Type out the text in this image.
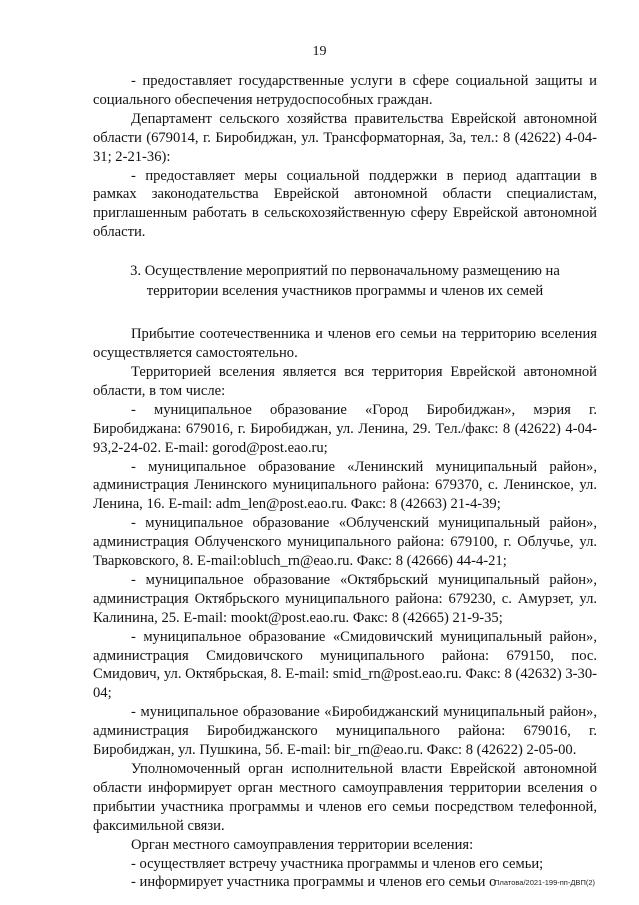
19

- предоставляет государственные услуги в сфере социальной защиты и социального обеспечения нетрудоспособных граждан.

Департамент сельского хозяйства правительства Еврейской автономной области (679014, г. Биробиджан, ул. Трансформаторная, 3а, тел.: 8 (42622) 4-04-31; 2-21-36):

- предоставляет меры социальной поддержки в период адаптации в рамках законодательства Еврейской автономной области специалистам, приглашенным работать в сельскохозяйственную сферу Еврейской автономной области.

3. Осуществление мероприятий по первоначальному размещению на
территории вселения участников программы и членов их семей

Прибытие соотечественника и членов его семьи на территорию вселения осуществляется самостоятельно.

Территорией вселения является вся территория Еврейской автономной области, в том числе:

- муниципальное образование «Город Биробиджан», мэрия г. Биробиджана: 679016, г. Биробиджан, ул. Ленина, 29. Тел./факс: 8 (42622) 4-04-93,2-24-02. E-mail: gorod@post.eao.ru;

- муниципальное образование «Ленинский муниципальный район», администрация Ленинского муниципального района: 679370, с. Ленинское, ул. Ленина, 16. E-mail: adm_len@post.eao.ru. Факс: 8 (42663) 21-4-39;

- муниципальное образование «Облученский муниципальный район», администрация Облученского муниципального района: 679100, г. Облучье, ул. Тварковского, 8. E-mail:obluch_rn@eao.ru. Факс: 8 (42666) 44-4-21;

- муниципальное образование «Октябрьский муниципальный район», администрация Октябрьского муниципального района: 679230, с. Амурзет, ул. Калинина, 25. E-mail: mookt@post.eao.ru. Факс: 8 (42665) 21-9-35;

- муниципальное образование «Смидовичский муниципальный район», администрация Смидовичского муниципального района: 679150, пос. Смидович, ул. Октябрьская, 8. E-mail: smid_rn@post.eao.ru. Факс: 8 (42632) 3-30-04;

- муниципальное образование «Биробиджанский муниципальный район», администрация Биробиджанского муниципального района: 679016, г. Биробиджан, ул. Пушкина, 5б. E-mail: bir_rn@eao.ru. Факс: 8 (42622) 2-05-00.

Уполномоченный орган исполнительной власти Еврейской автономной области информирует орган местного самоуправления территории вселения о прибытии участника программы и членов его семьи посредством телефонной, факсимильной связи.

Орган местного самоуправления территории вселения:

- осуществляет встречу участника программы и членов его семьи;

- информирует участника программы и членов его семьи о

Платова/2021-199-пп-ДВП(2)
